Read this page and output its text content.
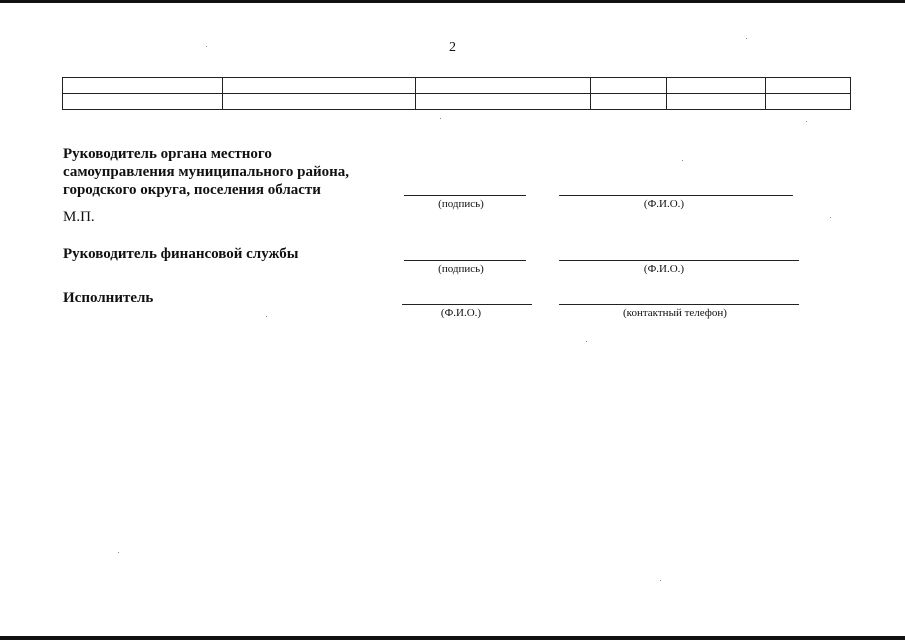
2

Руководитель органа местного
самоуправления муниципального района,
городского округа, поселения области
(подпись)	(Ф.И.О.)
М.П.
Руководитель финансовой службы
(подпись)	(Ф.И.О.)
Исполнитель
(Ф.И.О.)	(контактный телефон)
